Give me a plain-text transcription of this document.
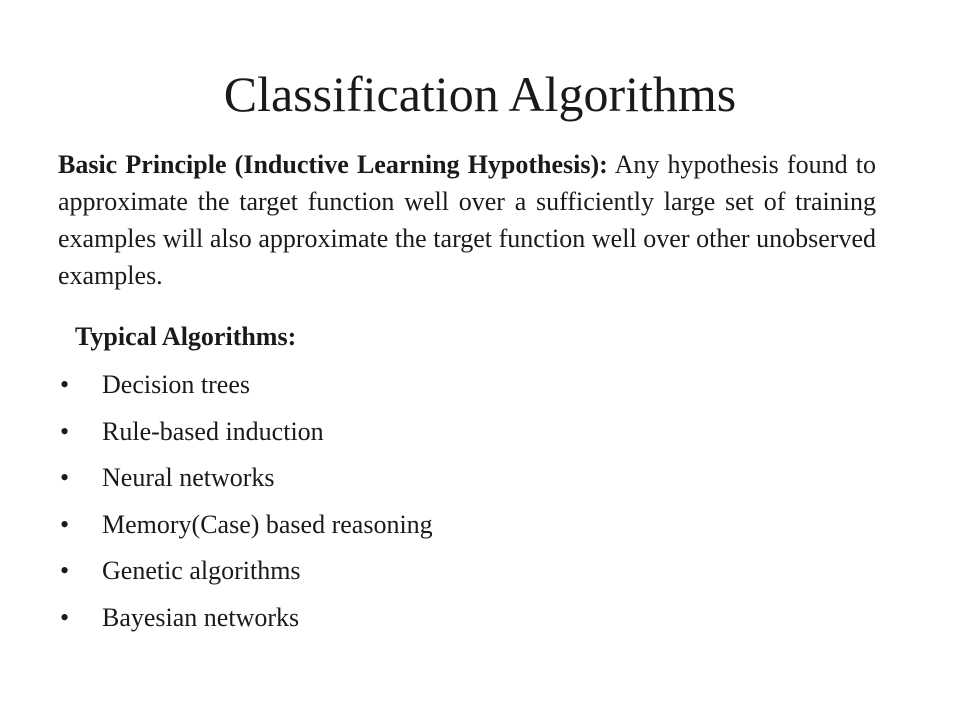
Classification Algorithms

Basic Principle (Inductive Learning Hypothesis): Any hypothesis found to approximate the target function well over a sufficiently large set of training examples will also approximate the target function well over other unobserved examples.

Typical Algorithms:
•	Decision trees
•	Rule-based induction
•	Neural networks
•	Memory(Case) based reasoning
•	Genetic algorithms
•	Bayesian networks
